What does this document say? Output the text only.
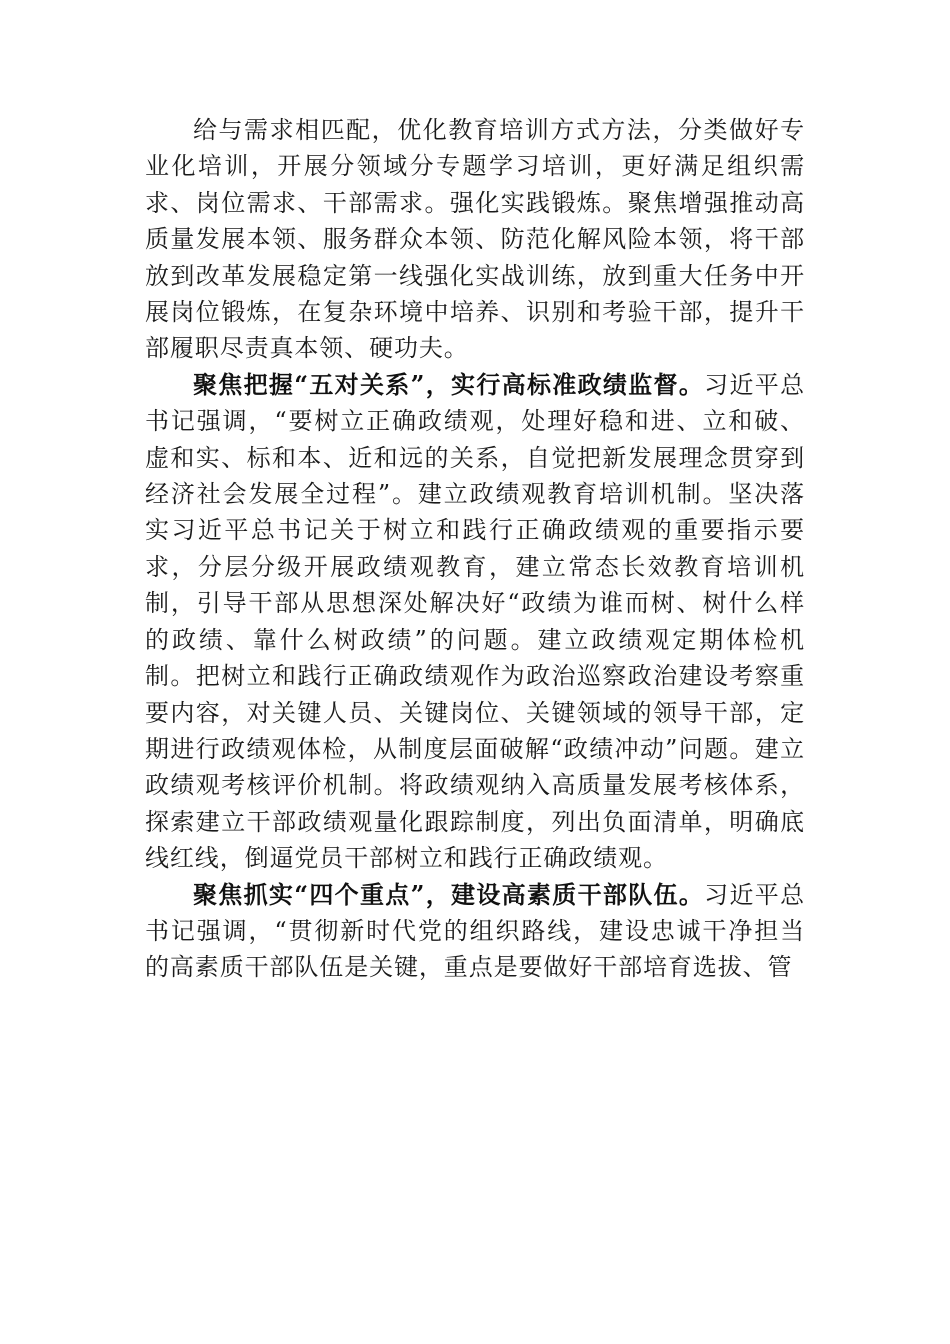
给与需求相匹配，优化教育培训方式方法，分类做好专业化培训，开展分领域分专题学习培训，更好满足组织需求、岗位需求、干部需求。强化实践锻炼。聚焦增强推动高质量发展本领、服务群众本领、防范化解风险本领，将干部放到改革发展稳定第一线强化实战训练，放到重大任务中开展岗位锻炼，在复杂环境中培养、识别和考验干部，提升干部履职尽责真本领、硬功夫。

聚焦把握“五对关系”，实行高标准政绩监督。习近平总书记强调，“要树立正确政绩观，处理好稳和进、立和破、虚和实、标和本、近和远的关系，自觉把新发展理念贯穿到经济社会发展全过程”。建立政绩观教育培训机制。坚决落实习近平总书记关于树立和践行正确政绩观的重要指示要求，分层分级开展政绩观教育，建立常态长效教育培训机制，引导干部从思想深处解决好“政绩为谁而树、树什么样的政绩、靠什么树政绩”的问题。建立政绩观定期体检机制。把树立和践行正确政绩观作为政治巡察政治建设考察重要内容，对关键人员、关键岗位、关键领域的领导干部，定期进行政绩观体检，从制度层面破解“政绩冲动”问题。建立政绩观考核评价机制。将政绩观纳入高质量发展考核体系，探索建立干部政绩观量化跟踪制度，列出负面清单，明确底线红线，倒逼党员干部树立和践行正确政绩观。

聚焦抓实“四个重点”，建设高素质干部队伍。习近平总书记强调，“贯彻新时代党的组织路线，建设忠诚干净担当的高素质干部队伍是关键，重点是要做好干部培育选拔、管
